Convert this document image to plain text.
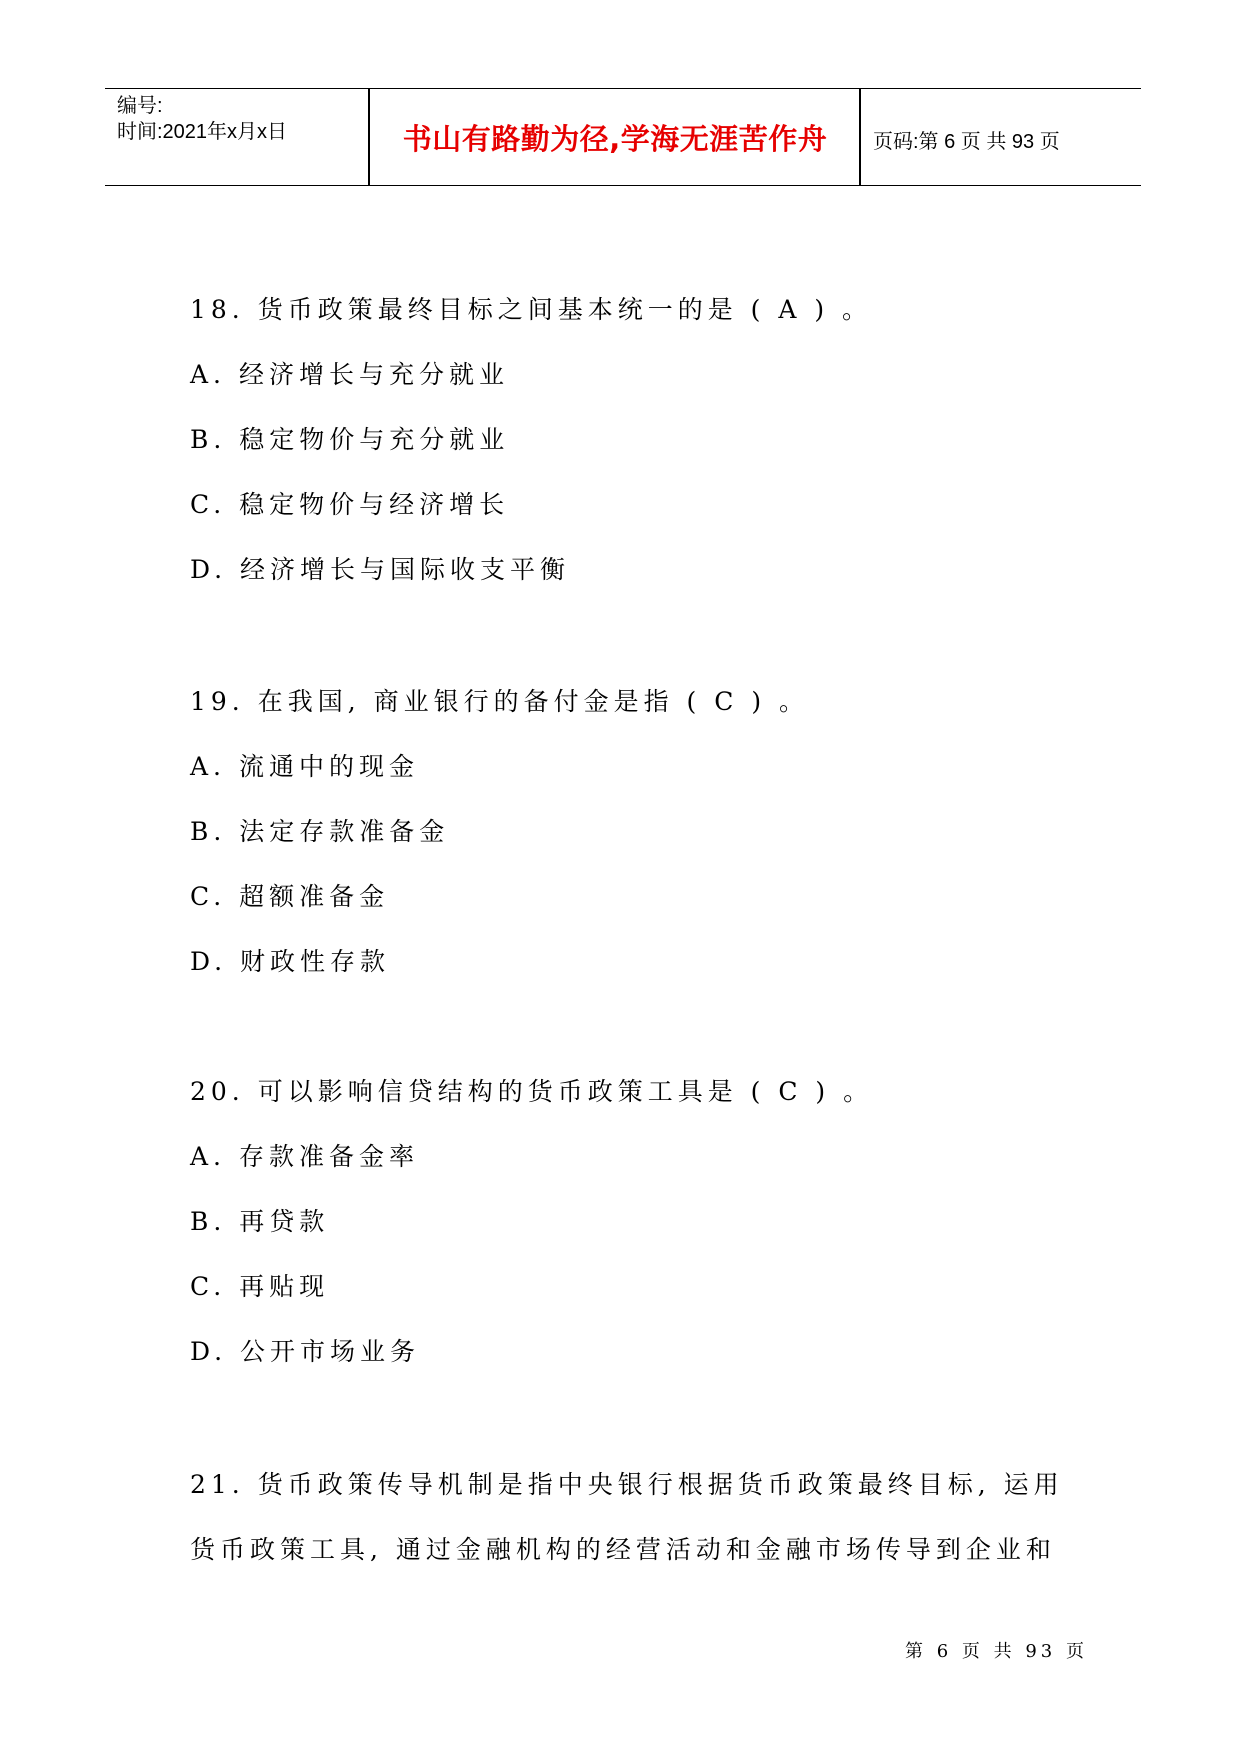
编号:
时间:2021年x月x日	书山有路勤为径,学海无涯苦作舟	页码:第 6 页 共 93 页
18. 货币政策最终目标之间基本统一的是 ( A ) 。
A. 经济增长与充分就业
B. 稳定物价与充分就业
C. 稳定物价与经济增长
D. 经济增长与国际收支平衡
19. 在我国, 商业银行的备付金是指 ( C ) 。
A. 流通中的现金
B. 法定存款准备金
C. 超额准备金
D. 财政性存款
20. 可以影响信贷结构的货币政策工具是 ( C ) 。
A. 存款准备金率
B. 再贷款
C. 再贴现
D. 公开市场业务
21. 货币政策传导机制是指中央银行根据货币政策最终目标, 运用
货币政策工具, 通过金融机构的经营活动和金融市场传导到企业和
第 6 页 共 93 页
